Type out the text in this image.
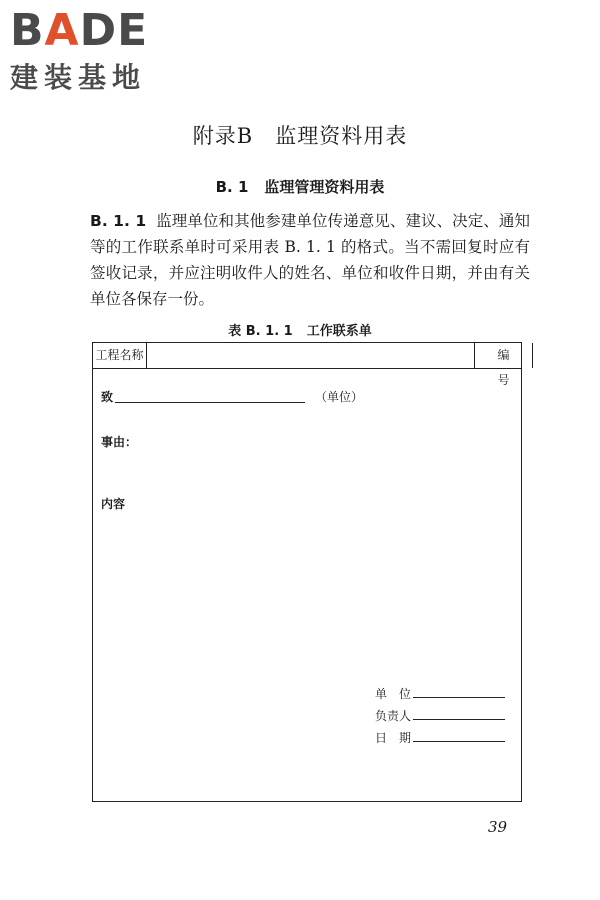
BADE
建装基地
附录B　监理资料用表
B. 1 监理管理资料用表
B. 1. 1 监理单位和其他参建单位传递意见、建议、决定、通知等的工作联系单时可采用表 B. 1. 1 的格式。当不需回复时应有签收记录，并应注明收件人的姓名、单位和收件日期，并由有关单位各保存一份。
表 B. 1. 1 工作联系单
工程名称	编 号
致	（单位）
事由：
内容
单　位
负责人
日　期
39
